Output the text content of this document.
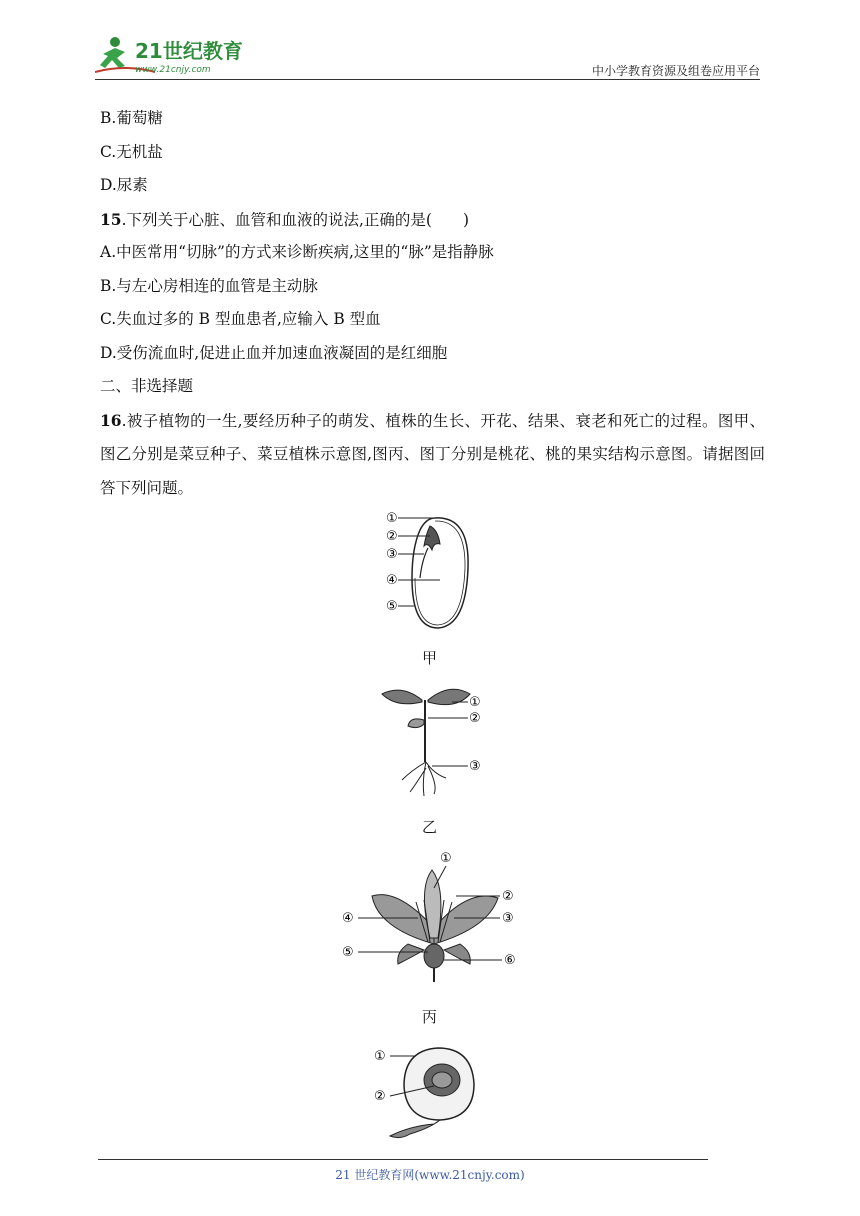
21世纪教育
www.21cnjy.com	中小学教育资源及组卷应用平台
B.葡萄糖
C.无机盐
D.尿素
15.下列关于心脏、血管和血液的说法,正确的是(　　)
A.中医常用“切脉”的方式来诊断疾病,这里的“脉”是指静脉
B.与左心房相连的血管是主动脉
C.失血过多的 B 型血患者,应输入 B 型血
D.受伤流血时,促进止血并加速血液凝固的是红细胞
二、非选择题
16.被子植物的一生,要经历种子的萌发、植株的生长、开花、结果、衰老和死亡的过程。图甲、图乙分别是菜豆种子、菜豆植株示意图,图丙、图丁分别是桃花、桃的果实结构示意图。请据图回答下列问题。
①
②
③
④
⑤
甲
①
②
③
乙
①
②
③
④
⑤
⑥
丙
①
②
21 世纪教育网(www.21cnjy.com)
